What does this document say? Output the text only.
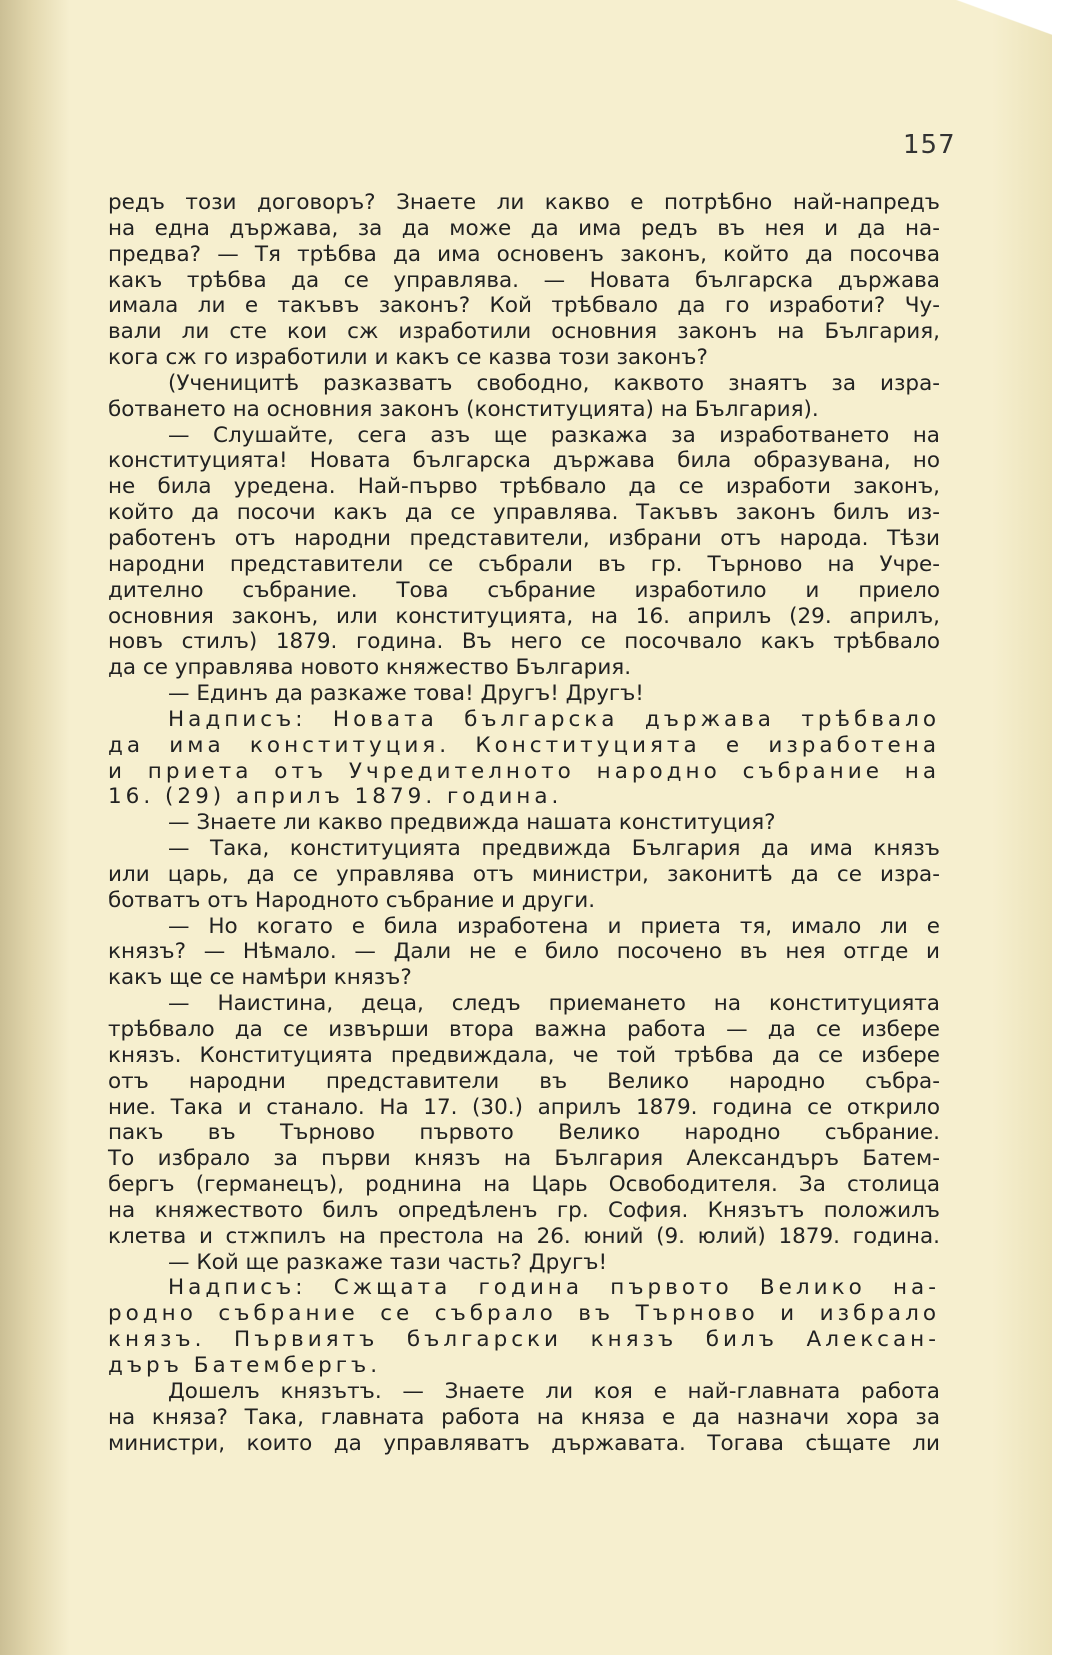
157
редъ този договоръ? Знаете ли какво е потрѣбно най-напредъ
на една държава, за да може да има редъ въ нея и да на-
предва? — Тя трѣбва да има основенъ законъ, който да посочва
какъ трѣбва да се управлява. — Новата българска държава
имала ли е такъвъ законъ? Кой трѣбвало да го изработи? Чу-
вали ли сте кои сж изработили основния законъ на България,
кога сж го изработили и какъ се казва този законъ?
(Ученицитѣ разказватъ свободно, каквото знаятъ за изра-
ботването на основния законъ (конституцията) на България).
— Слушайте, сега азъ ще разкажа за изработването на
конституцията! Новата българска държава била образувана, но
не била уредена. Най-първо трѣбвало да се изработи законъ,
който да посочи какъ да се управлява. Такъвъ законъ билъ из-
работенъ отъ народни представители, избрани отъ народа. Тѣзи
народни представители се събрали въ гр. Търново на Учре-
дително събрание. Това събрание изработило и приело
основния законъ, или конституцията, на 16. априлъ (29. априлъ,
новъ стилъ) 1879. година. Въ него се посочвало какъ трѣбвало
да се управлява новото княжество България.
— Единъ да разкаже това! Другъ! Другъ!
Надписъ: Новата българска държава трѣбвало
да има конституция. Конституцията е изработена
и приета отъ Учредителното народно събрание на
16. (29) априлъ 1879. година.
— Знаете ли какво предвижда нашата конституция?
— Така, конституцията предвижда България да има князъ
или царь, да се управлява отъ министри, законитѣ да се изра-
ботватъ отъ Народното събрание и други.
— Но когато е била изработена и приета тя, имало ли е
князъ? — Нѣмало. — Дали не е било посочено въ нея отгде и
какъ ще се намѣри князъ?
— Наистина, деца, следъ приемането на конституцията
трѣбвало да се извърши втора важна работа — да се избере
князъ. Конституцията предвиждала, че той трѣбва да се избере
отъ народни представители въ Велико народно събра-
ние. Така и станало. На 17. (30.) априлъ 1879. година се открило
пакъ въ Търново първото Велико народно събрание.
То избрало за първи князъ на България Александъръ Батем-
бергъ (германецъ), роднина на Царь Освободителя. За столица
на княжеството билъ опредѣленъ гр. София. Князътъ положилъ
клетва и стжпилъ на престола на 26. юний (9. юлий) 1879. година.
— Кой ще разкаже тази часть? Другъ!
Надписъ: Сжщата година първото Велико на-
родно събрание се събрало въ Търново и избрало
князъ. Първиятъ български князъ билъ Алексан-
дъръ Батембергъ.
Дошелъ князътъ. — Знаете ли коя е най-главната работа
на княза? Така, главната работа на княза е да назначи хора за
министри, които да управляватъ държавата. Тогава сѣщате ли
